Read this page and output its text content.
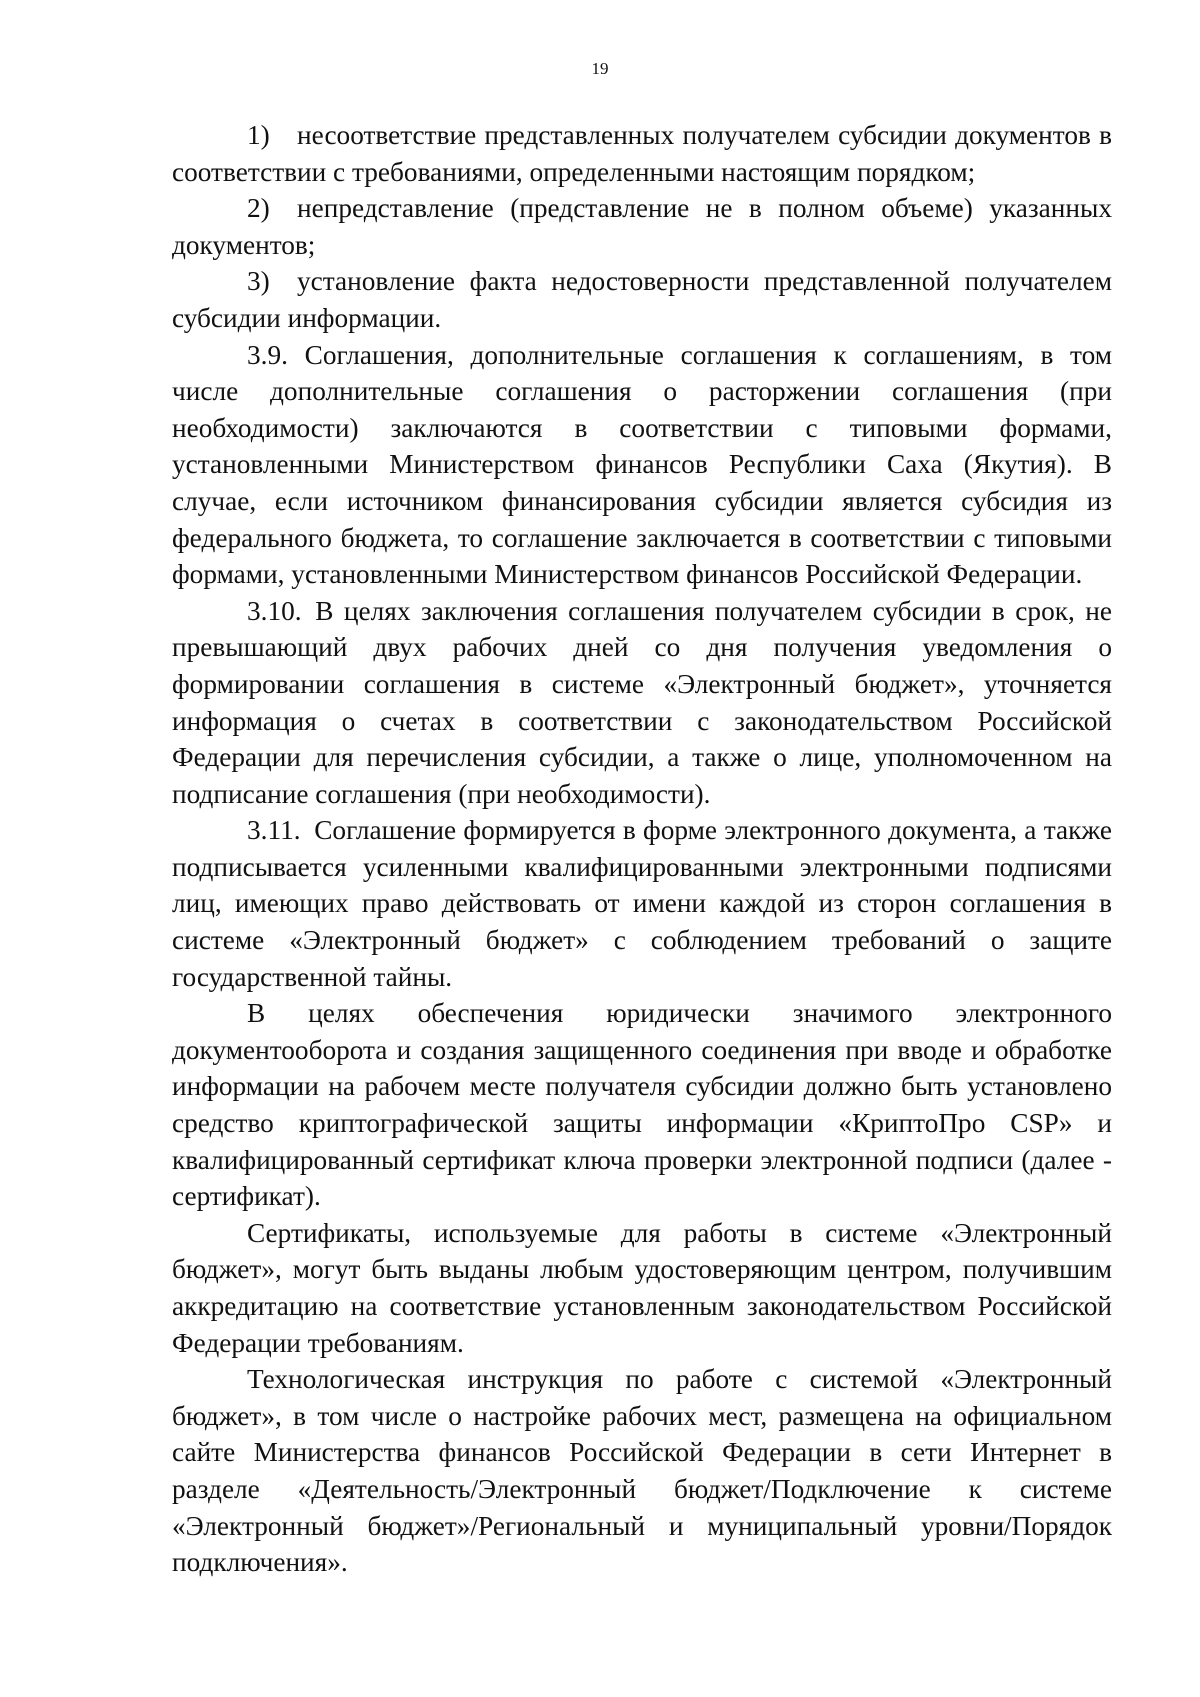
19

1) несоответствие представленных получателем субсидии документов в соответствии с требованиями, определенными настоящим порядком;

2) непредставление (представление не в полном объеме) указанных документов;

3) установление факта недостоверности представленной получателем субсидии информации.

3.9. Соглашения, дополнительные соглашения к соглашениям, в том числе дополнительные соглашения о расторжении соглашения (при необходимости) заключаются в соответствии с типовыми формами, установленными Министерством финансов Республики Саха (Якутия). В случае, если источником финансирования субсидии является субсидия из федерального бюджета, то соглашение заключается в соответствии с типовыми формами, установленными Министерством финансов Российской Федерации.

3.10. В целях заключения соглашения получателем субсидии в срок, не превышающий двух рабочих дней со дня получения уведомления о формировании соглашения в системе «Электронный бюджет», уточняется информация о счетах в соответствии с законодательством Российской Федерации для перечисления субсидии, а также о лице, уполномоченном на подписание соглашения (при необходимости).

3.11. Соглашение формируется в форме электронного документа, а также подписывается усиленными квалифицированными электронными подписями лиц, имеющих право действовать от имени каждой из сторон соглашения в системе «Электронный бюджет» с соблюдением требований о защите государственной тайны.

В целях обеспечения юридически значимого электронного документооборота и создания защищенного соединения при вводе и обработке информации на рабочем месте получателя субсидии должно быть установлено средство криптографической защиты информации «КриптоПро CSP» и квалифицированный сертификат ключа проверки электронной подписи (далее - сертификат).

Сертификаты, используемые для работы в системе «Электронный бюджет», могут быть выданы любым удостоверяющим центром, получившим аккредитацию на соответствие установленным законодательством Российской Федерации требованиям.

Технологическая инструкция по работе с системой «Электронный бюджет», в том числе о настройке рабочих мест, размещена на официальном сайте Министерства финансов Российской Федерации в сети Интернет в разделе «Деятельность/Электронный бюджет/Подключение к системе «Электронный бюджет»/Региональный и муниципальный уровни/Порядок подключения».
